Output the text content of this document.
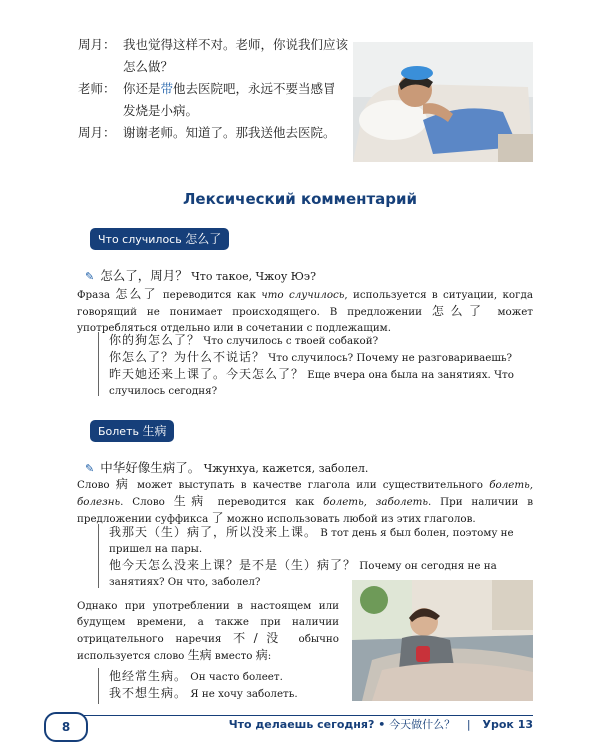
周月： 我也觉得这样不对。老师，你说我们应该怎么做？
老师： 你还是带他去医院吧，永远不要当感冒发烧是小病。
周月： 谢谢老师。知道了。那我送他去医院。
Лексический комментарий
Что случилось 怎么了
✎ 怎么了，周月？ Что такое, Чжоу Юэ?
Фраза 怎么了 переводится как что случилось, используется в ситуации, когда говорящий не понимает происходящего. В предложении 怎么了 может употребляться отдельно или в сочетании с подлежащим.
你的狗怎么了？ Что случилось с твоей собакой?
你怎么了？为什么不说话？ Что случилось? Почему не разговариваешь?
昨天她还来上课了。今天怎么了？ Еще вчера она была на занятиях. Что случилось сегодня?
Болеть 生病
✎ 中华好像生病了。 Чжунхуа, кажется, заболел.
Слово 病 может выступать в качестве глагола или существительного болеть, болезнь. Слово 生病 переводится как болеть, заболеть. При наличии в предложении суффикса 了 можно использовать любой из этих глаголов.
我那天（生）病了，所以没来上课。 В тот день я был болен, поэтому не пришел на пары.
他今天怎么没来上课？是不是（生）病了？ Почему он сегодня не на занятиях? Он что, заболел?
Однако при употреблении в настоящем или будущем времени, а также при наличии отрицательного наречия 不/没 обычно используется слово 生病 вместо 病:
他经常生病。 Он часто болеет.
我不想生病。 Я не хочу заболеть.
8	Что делаешь сегодня? • 今天做什么？ | Урок 13
